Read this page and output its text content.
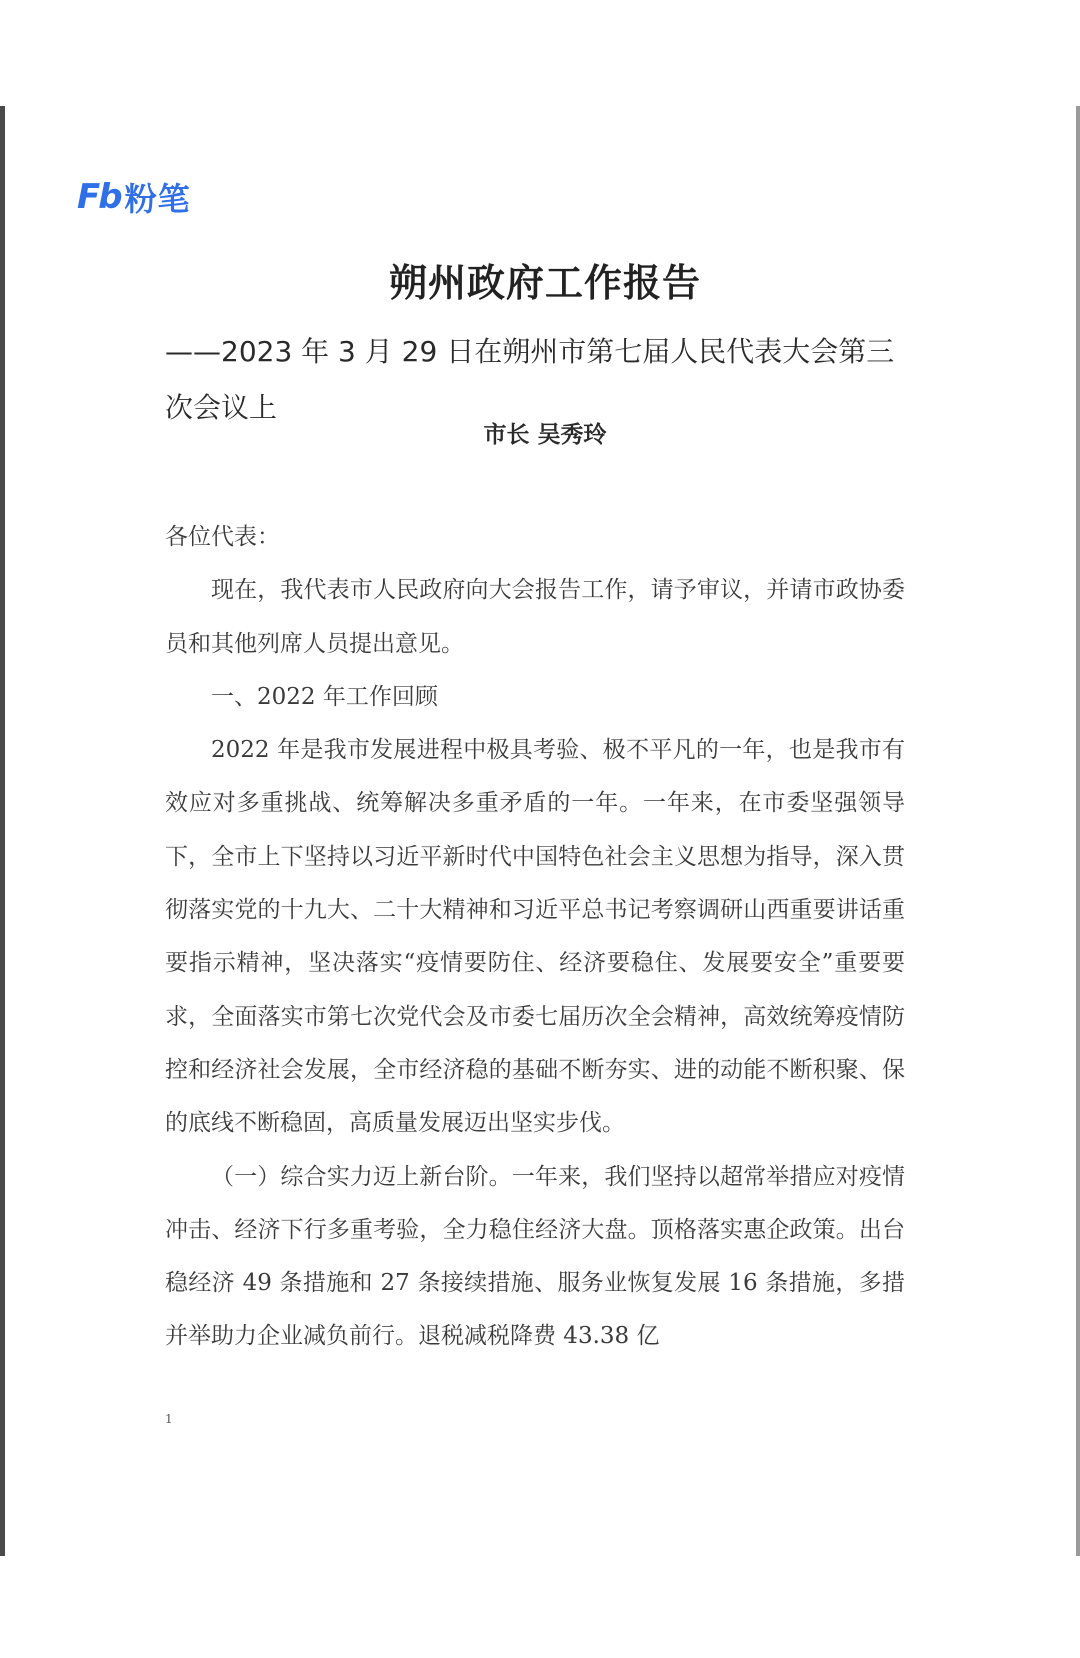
Fb 粉笔
朔州政府工作报告
——2023 年 3 月 29 日在朔州市第七届人民代表大会第三次会议上
市长 吴秀玲

各位代表：

现在，我代表市人民政府向大会报告工作，请予审议，并请市政协委员和其他列席人员提出意见。

一、2022 年工作回顾

2022 年是我市发展进程中极具考验、极不平凡的一年，也是我市有效应对多重挑战、统筹解决多重矛盾的一年。一年来，在市委坚强领导下，全市上下坚持以习近平新时代中国特色社会主义思想为指导，深入贯彻落实党的十九大、二十大精神和习近平总书记考察调研山西重要讲话重要指示精神，坚决落实“疫情要防住、经济要稳住、发展要安全”重要要求，全面落实市第七次党代会及市委七届历次全会精神，高效统筹疫情防控和经济社会发展，全市经济稳的基础不断夯实、进的动能不断积聚、保的底线不断稳固，高质量发展迈出坚实步伐。

（一）综合实力迈上新台阶。一年来，我们坚持以超常举措应对疫情冲击、经济下行多重考验，全力稳住经济大盘。顶格落实惠企政策。出台稳经济 49 条措施和 27 条接续措施、服务业恢复发展 16 条措施，多措并举助力企业减负前行。退税减税降费 43.38 亿

1
